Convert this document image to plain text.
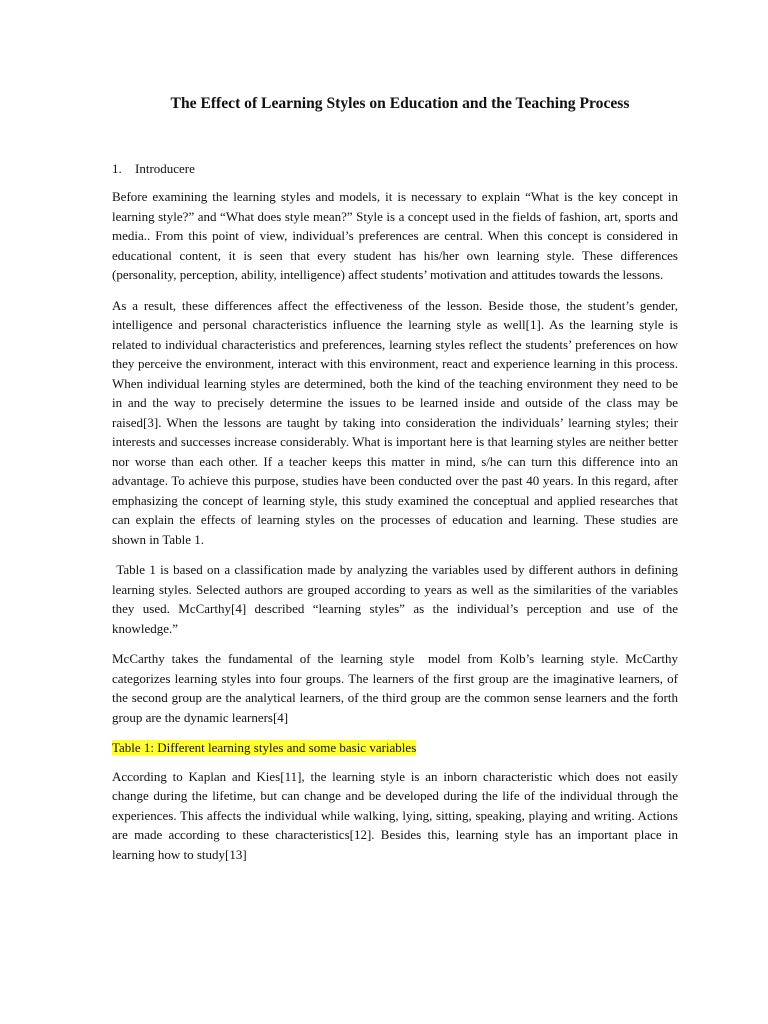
The Effect of Learning Styles on Education and the Teaching Process
1. Introducere

Before examining the learning styles and models, it is necessary to explain “What is the key concept in learning style?” and “What does style mean?” Style is a concept used in the fields of fashion, art, sports and media.. From this point of view, individual’s preferences are central. When this concept is considered in educational content, it is seen that every student has his/her own learning style. These differences (personality, perception, ability, intelligence) affect students’ motivation and attitudes towards the lessons.

As a result, these differences affect the effectiveness of the lesson. Beside those, the student’s gender, intelligence and personal characteristics influence the learning style as well[1]. As the learning style is related to individual characteristics and preferences, learning styles reflect the students’ preferences on how they perceive the environment, interact with this environment, react and experience learning in this process. When individual learning styles are determined, both the kind of the teaching environment they need to be in and the way to precisely determine the issues to be learned inside and outside of the class may be raised[3]. When the lessons are taught by taking into consideration the individuals’ learning styles; their interests and successes increase considerably. What is important here is that learning styles are neither better nor worse than each other. If a teacher keeps this matter in mind, s/he can turn this difference into an advantage. To achieve this purpose, studies have been conducted over the past 40 years. In this regard, after emphasizing the concept of learning style, this study examined the conceptual and applied researches that can explain the effects of learning styles on the processes of education and learning. These studies are shown in Table 1.

Table 1 is based on a classification made by analyzing the variables used by different authors in defining learning styles. Selected authors are grouped according to years as well as the similarities of the variables they used. McCarthy[4] described “learning styles” as the individual’s perception and use of the knowledge.”

McCarthy takes the fundamental of the learning style  model from Kolb’s learning style. McCarthy categorizes learning styles into four groups. The learners of the first group are the imaginative learners, of the second group are the analytical learners, of the third group are the common sense learners and the forth group are the dynamic learners[4]

Table 1: Different learning styles and some basic variables

According to Kaplan and Kies[11], the learning style is an inborn characteristic which does not easily change during the lifetime, but can change and be developed during the life of the individual through the experiences. This affects the individual while walking, lying, sitting, speaking, playing and writing. Actions are made according to these characteristics[12]. Besides this, learning style has an important place in learning how to study[13]
